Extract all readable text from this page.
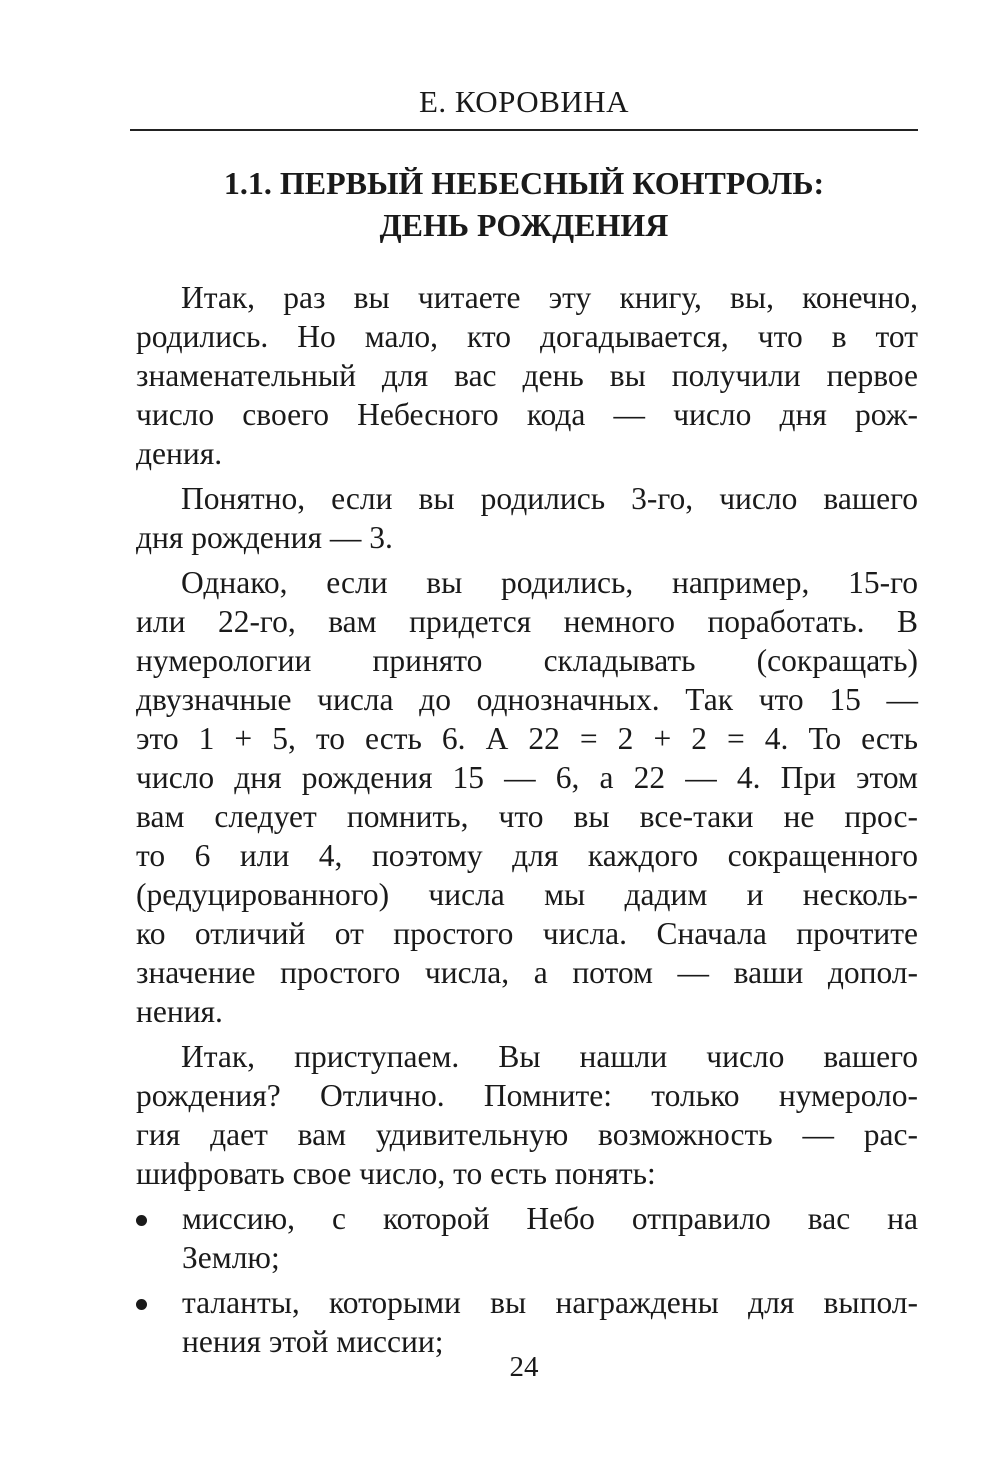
Е. КОРОВИНА
1.1. ПЕРВЫЙ НЕБЕСНЫЙ КОНТРОЛЬ:
ДЕНЬ РОЖДЕНИЯ
Итак, раз вы читаете эту книгу, вы, конечно,
родились. Но мало, кто догадывается, что в тот
знаменательный для вас день вы получили первое
число своего Небесного кода — число дня рож-
дения.
Понятно, если вы родились 3-го, число вашего
дня рождения — 3.
Однако, если вы родились, например, 15-го
или 22-го, вам придется немного поработать. В
нумерологии принято складывать (сокращать)
двузначные числа до однозначных. Так что 15 —
это 1 + 5, то есть 6. А 22 = 2 + 2 = 4. То есть
число дня рождения 15 — 6, а 22 — 4. При этом
вам следует помнить, что вы все-таки не прос-
то 6 или 4, поэтому для каждого сокращенного
(редуцированного) числа мы дадим и несколь-
ко отличий от простого числа. Сначала прочтите
значение простого числа, а потом — ваши допол-
нения.
Итак, приступаем. Вы нашли число вашего
рождения? Отлично. Помните: только нумероло-
гия дает вам удивительную возможность — рас-
шифровать свое число, то есть понять:
миссию, с которой Небо отправило вас на
Землю;
таланты, которыми вы награждены для выпол-
нения этой миссии;
24
